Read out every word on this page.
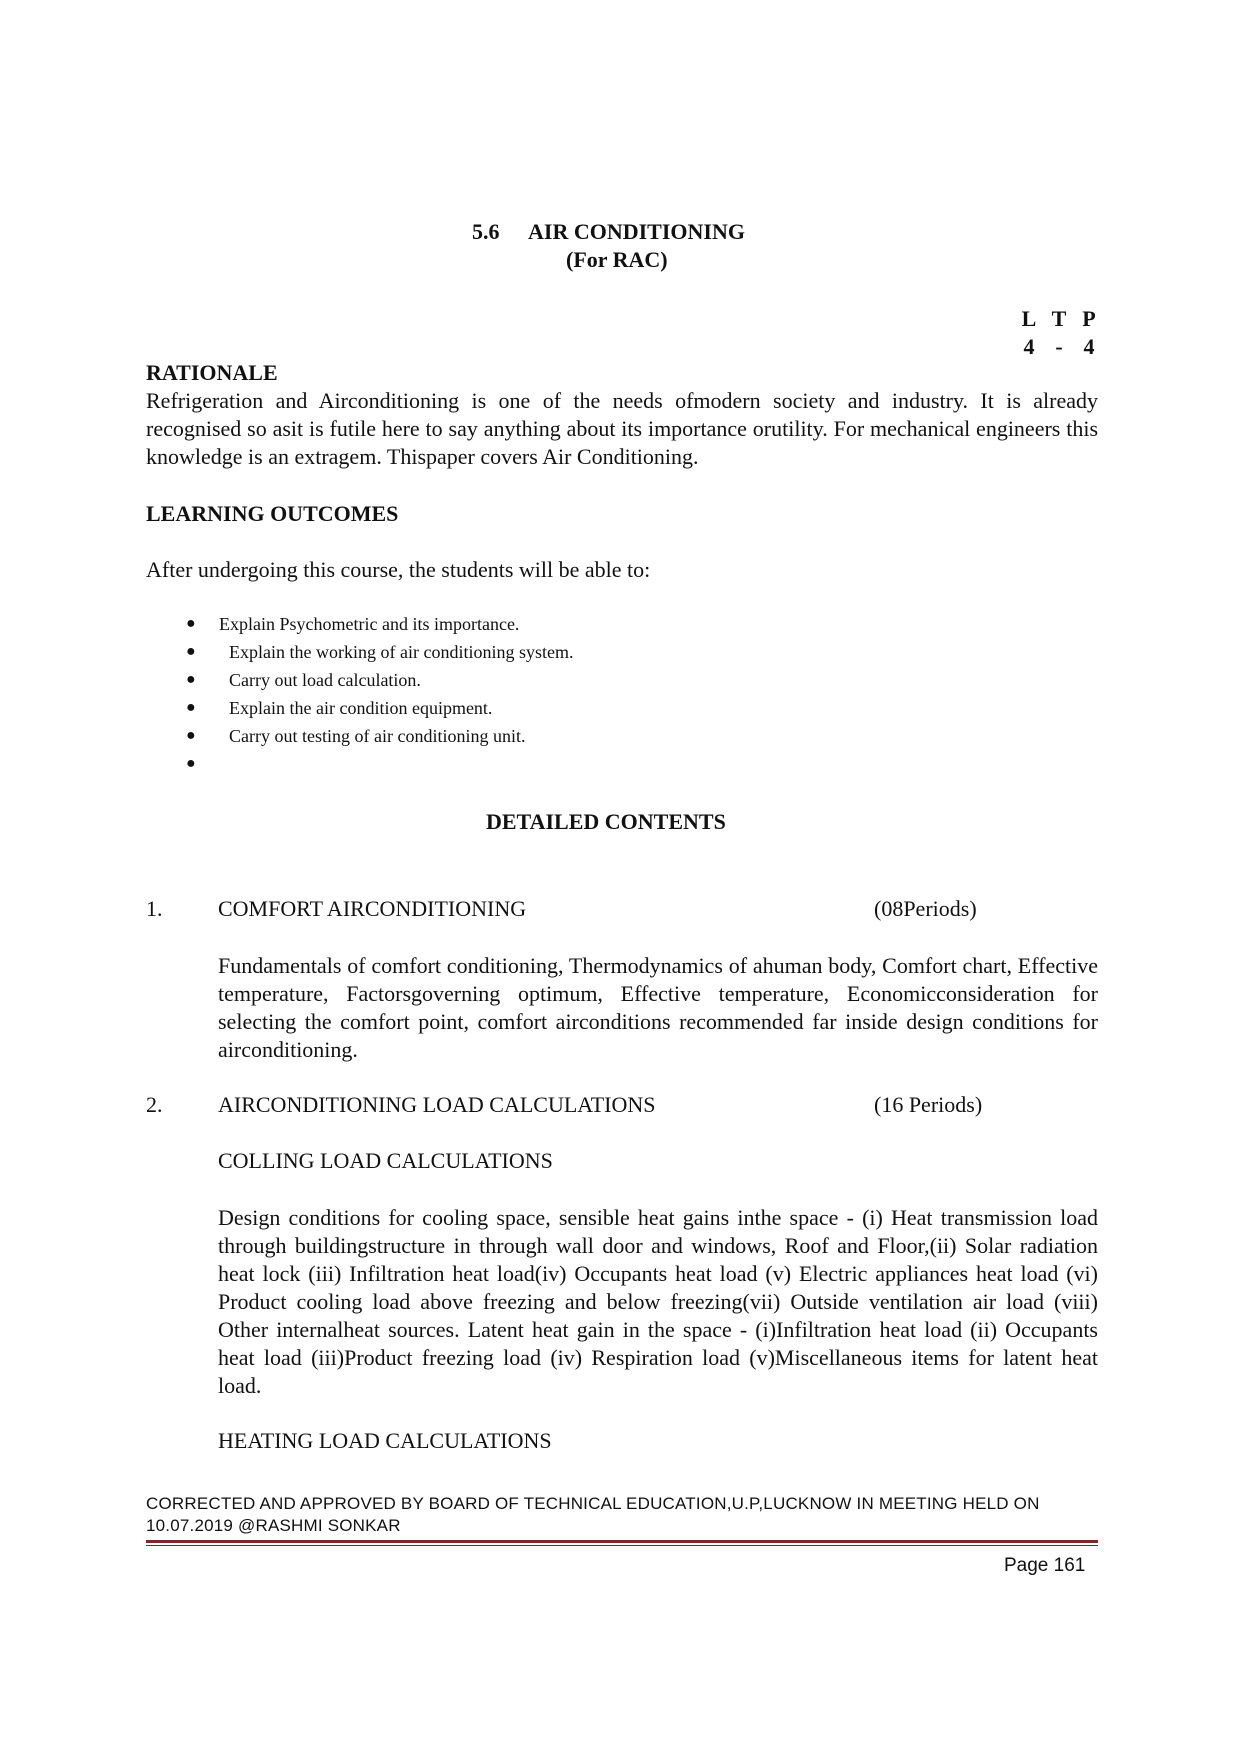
5.6 AIR CONDITIONING
(For RAC)
L T P
4 - 4
RATIONALE
Refrigeration and Airconditioning is one of the needs ofmodern society and industry. It is already recognised so asit is futile here to say anything about its importance orutility. For mechanical engineers this knowledge is an extragem. Thispaper covers Air Conditioning.
LEARNING OUTCOMES
After undergoing this course, the students will be able to:
● Explain Psychometric and its importance.
● Explain the working of air conditioning system.
● Carry out load calculation.
● Explain the air condition equipment.
● Carry out testing of air conditioning unit.
●
DETAILED CONTENTS
1.	COMFORT AIRCONDITIONING	(08Periods)
Fundamentals of comfort conditioning, Thermodynamics of ahuman body, Comfort chart, Effective temperature, Factorsgoverning optimum, Effective temperature, Economicconsideration for selecting the comfort point, comfort airconditions recommended far inside design conditions for airconditioning.
2.	AIRCONDITIONING LOAD CALCULATIONS	(16 Periods)
COLLING LOAD CALCULATIONS
Design conditions for cooling space, sensible heat gains inthe space - (i) Heat transmission load through buildingstructure in through wall door and windows, Roof and Floor,(ii) Solar radiation heat lock (iii) Infiltration heat load(iv) Occupants heat load (v) Electric appliances heat load (vi) Product cooling load above freezing and below freezing(vii) Outside ventilation air load (viii) Other internalheat sources. Latent heat gain in the space - (i)Infiltration heat load (ii) Occupants heat load (iii)Product freezing load (iv) Respiration load (v)Miscellaneous items for latent heat load.
HEATING LOAD CALCULATIONS
CORRECTED AND APPROVED BY BOARD OF TECHNICAL EDUCATION,U.P,LUCKNOW IN MEETING HELD ON
10.07.2019 @RASHMI SONKAR
Page 161
